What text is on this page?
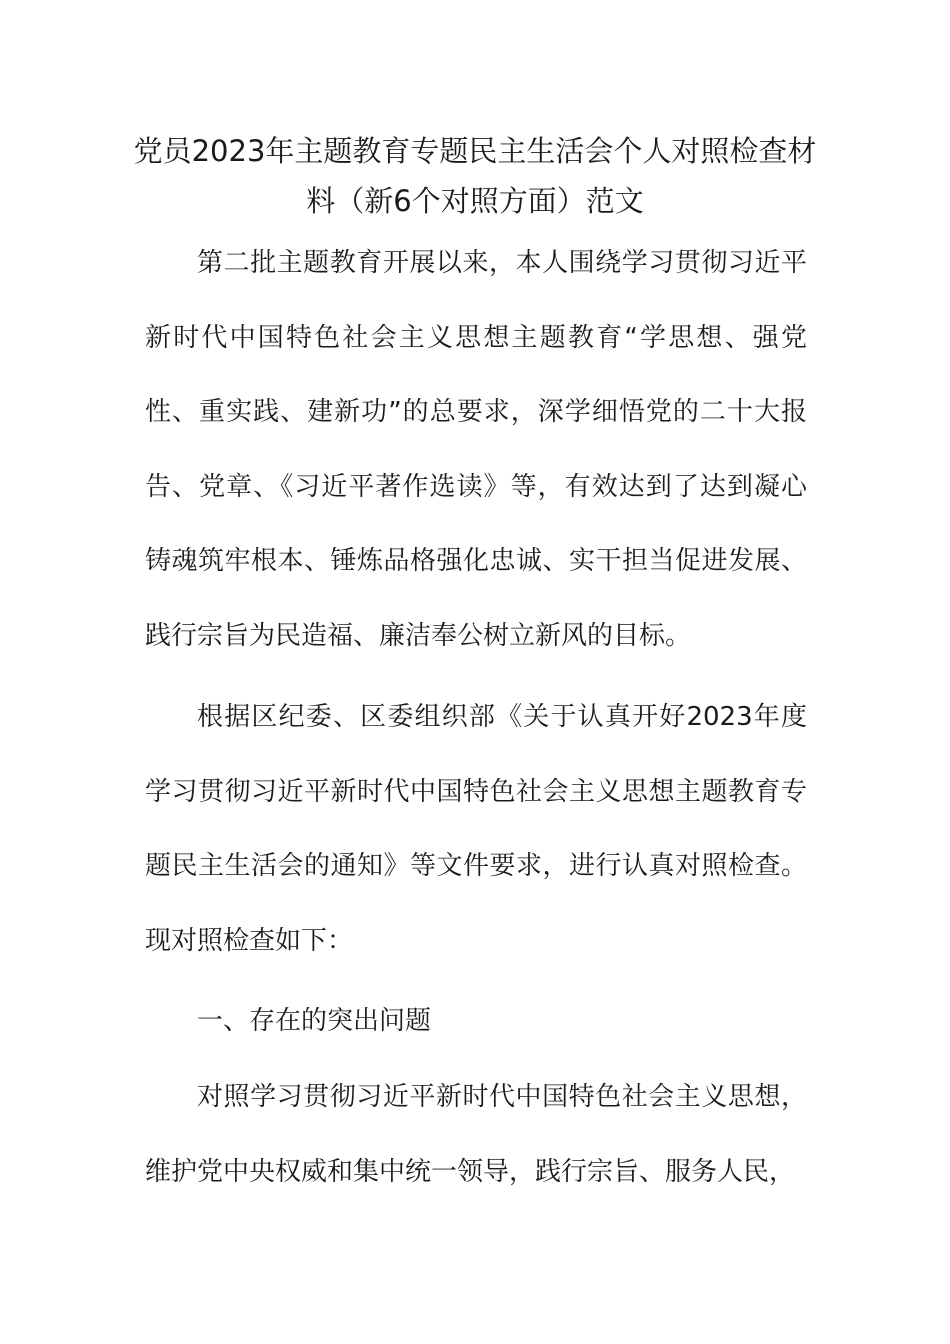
党员2023年主题教育专题民主生活会个人对照检查材料（新6个对照方面）范文

第二批主题教育开展以来，本人围绕学习贯彻习近平新时代中国特色社会主义思想主题教育“学思想、强党性、重实践、建新功”的总要求，深学细悟党的二十大报告、党章、《习近平著作选读》等，有效达到了达到凝心铸魂筑牢根本、锤炼品格强化忠诚、实干担当促进发展、践行宗旨为民造福、廉洁奉公树立新风的目标。

根据区纪委、区委组织部《关于认真开好2023年度学习贯彻习近平新时代中国特色社会主义思想主题教育专题民主生活会的通知》等文件要求，进行认真对照检查。现对照检查如下：

一、存在的突出问题

对照学习贯彻习近平新时代中国特色社会主义思想，维护党中央权威和集中统一领导，践行宗旨、服务人民，
